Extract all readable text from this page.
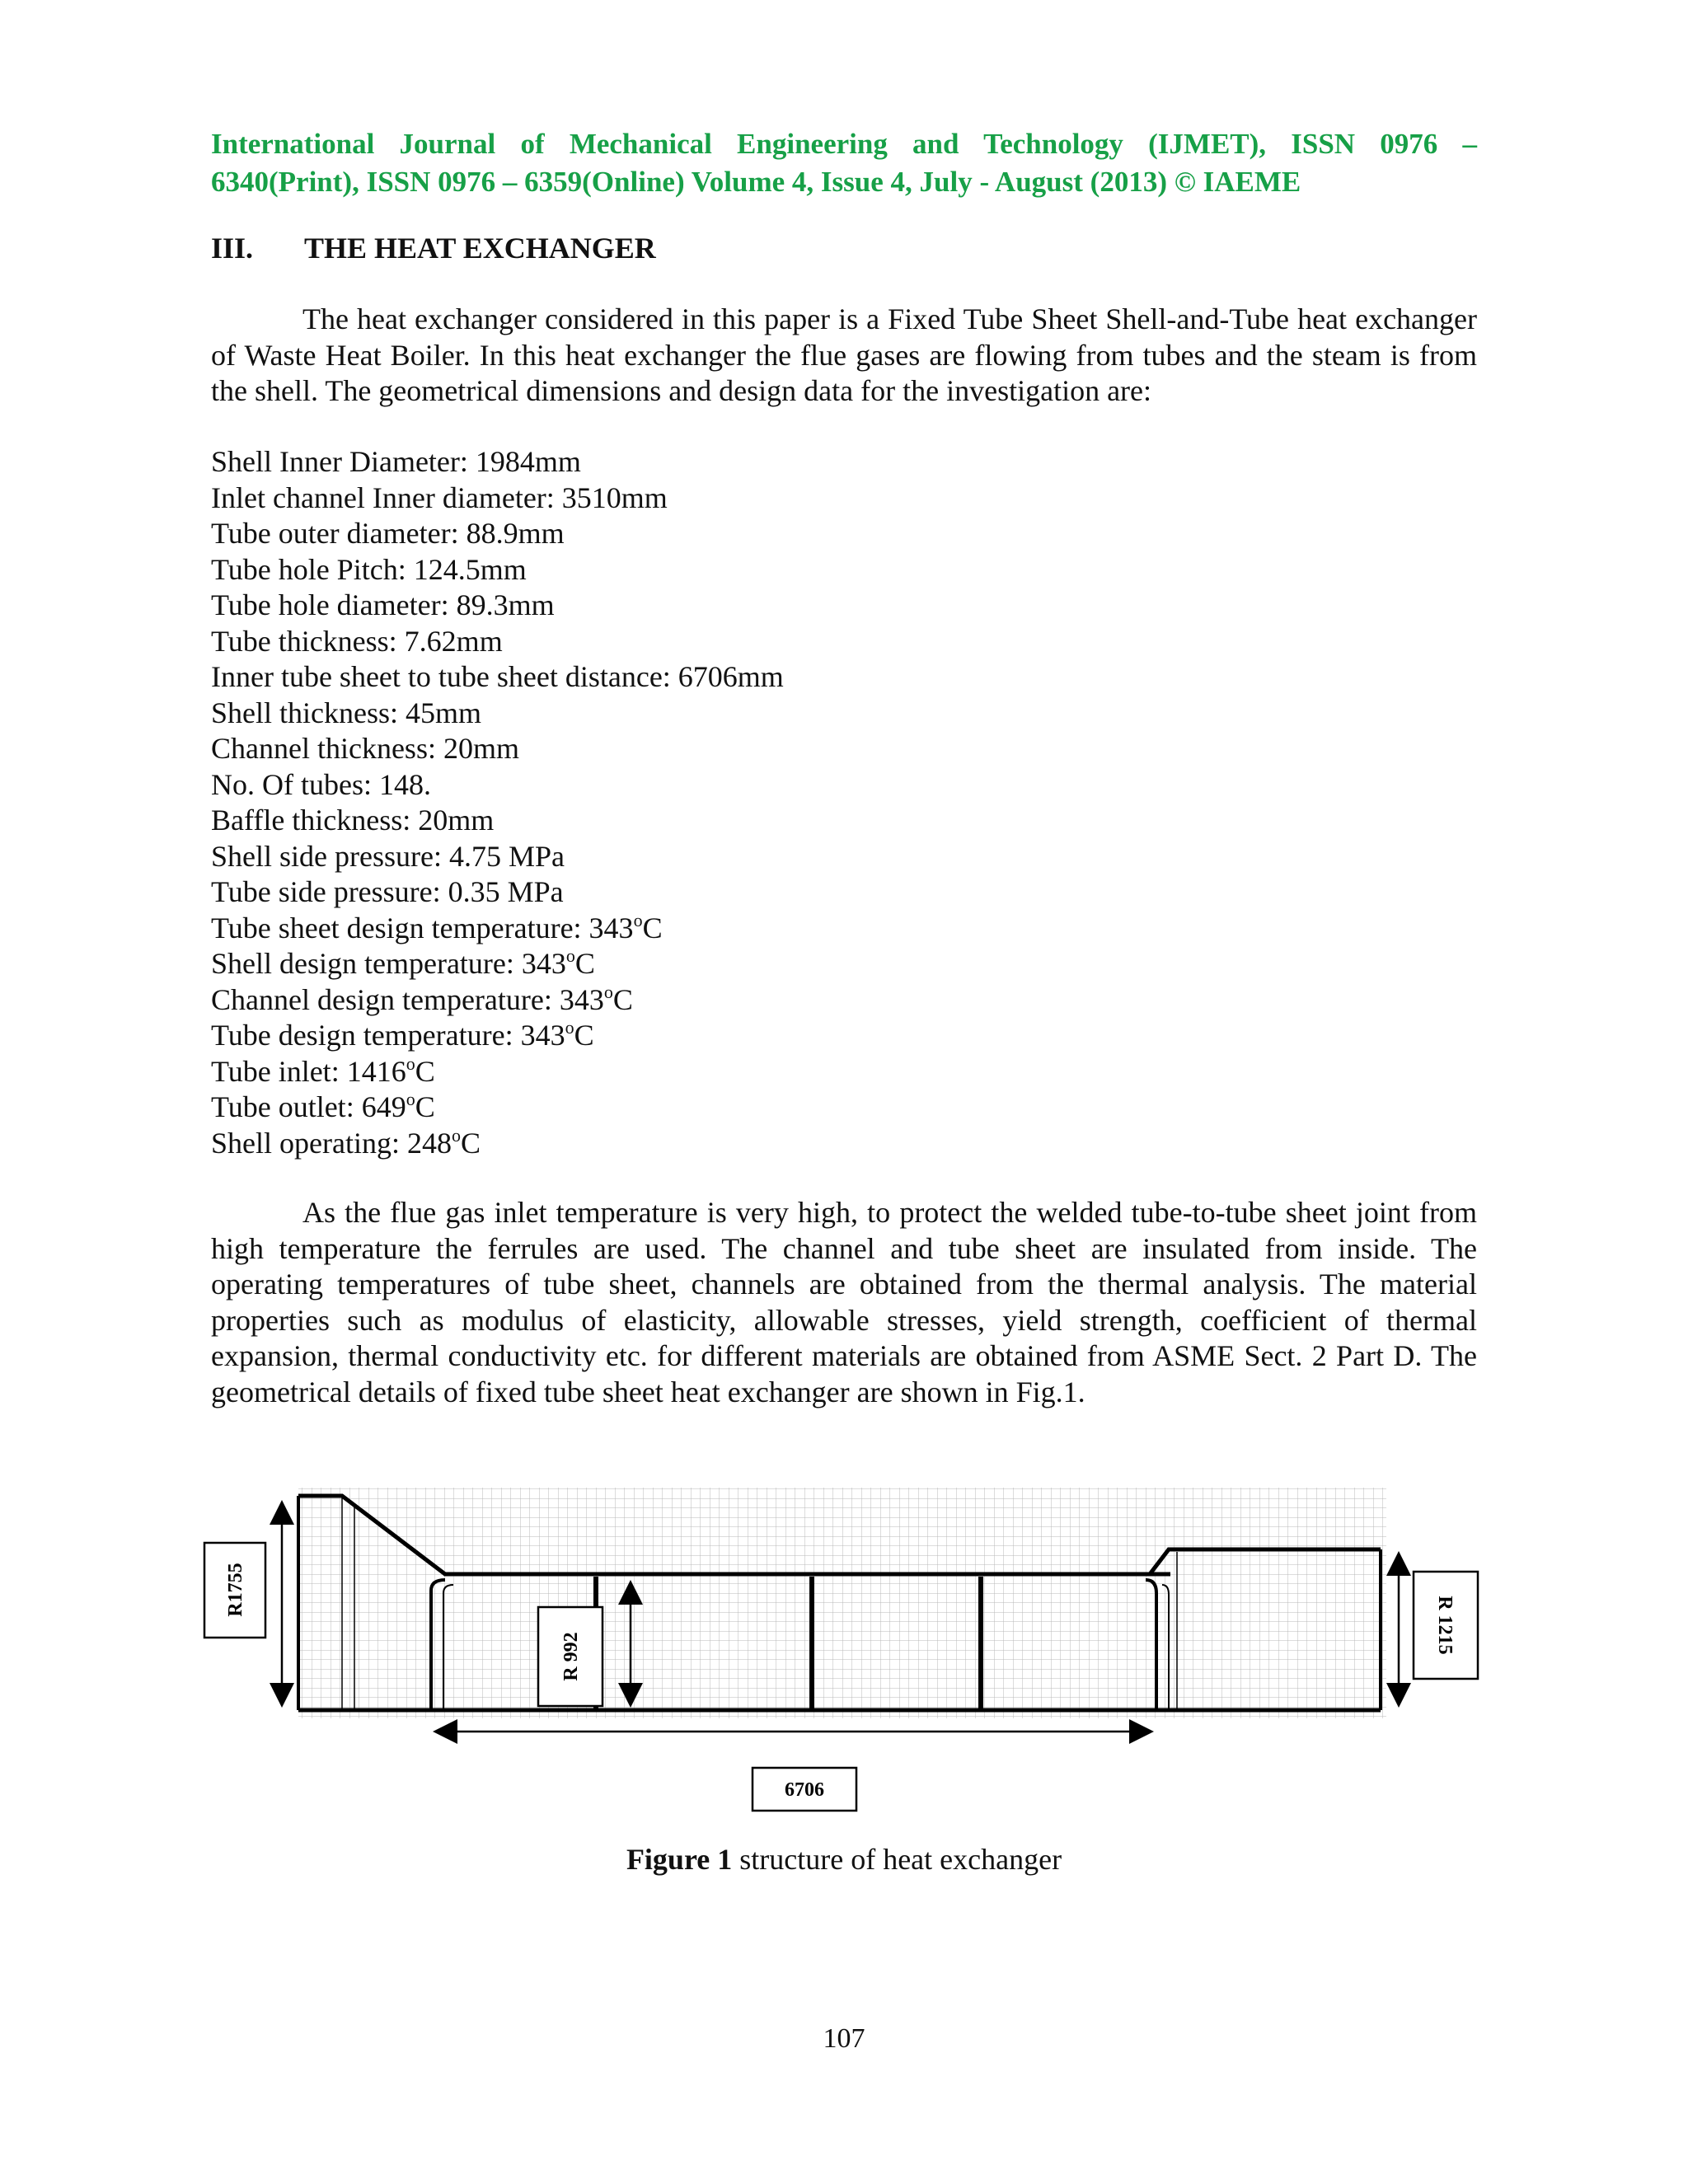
International Journal of Mechanical Engineering and Technology (IJMET), ISSN 0976 –
6340(Print), ISSN 0976 – 6359(Online) Volume 4, Issue 4, July - August (2013) © IAEME
III. THE HEAT EXCHANGER

The heat exchanger considered in this paper is a Fixed Tube Sheet Shell-and-Tube heat exchanger of Waste Heat Boiler. In this heat exchanger the flue gases are flowing from tubes and the steam is from the shell. The geometrical dimensions and design data for the investigation are:

Shell Inner Diameter: 1984mm
Inlet channel Inner diameter: 3510mm
Tube outer diameter: 88.9mm
Tube hole Pitch: 124.5mm
Tube hole diameter: 89.3mm
Tube thickness: 7.62mm
Inner tube sheet to tube sheet distance: 6706mm
Shell thickness: 45mm
Channel thickness: 20mm
No. Of tubes: 148.
Baffle thickness: 20mm
Shell side pressure: 4.75 MPa
Tube side pressure: 0.35 MPa
Tube sheet design temperature: 343$^o$C
Shell design temperature: 343$^o$C
Channel design temperature: 343$^o$C
Tube design temperature: 343$^o$C
Tube inlet: 1416$^o$C
Tube outlet: 649$^o$C
Shell operating: 248$^o$C

As the flue gas inlet temperature is very high, to protect the welded tube-to-tube sheet joint from high temperature the ferrules are used. The channel and tube sheet are insulated from inside. The operating temperatures of tube sheet, channels are obtained from the thermal analysis. The material properties such as modulus of elasticity, allowable stresses, yield strength, coefficient of thermal expansion, thermal conductivity etc. for different materials are obtained from ASME Sect. 2 Part D. The geometrical details of fixed tube sheet heat exchanger are shown in Fig.1.

R1755
R 992
R 1215
6706
Figure 1 structure of heat exchanger
107
